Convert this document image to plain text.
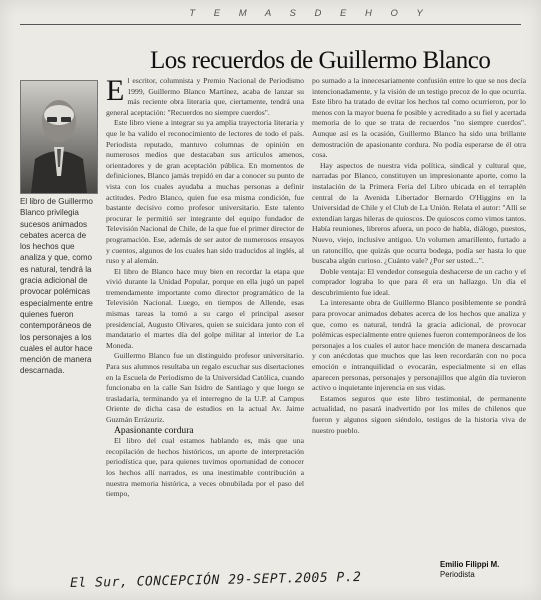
T E M A S D E H O Y
Los recuerdos de Guillermo Blanco
El libro de Guillermo Blanco privilegia sucesos animados cebates acerca de los hechos que analiza y que, como es natural, tendrá la gracia adicional de provocar polémicas especialmente entre quienes fueron contemporáneos de los personajes a los cuales el autor hace mención de manera descarnada.

El escritor, columnista y Premio Nacional de Periodismo 1999, Guillermo Blanco Martínez, acaba de lanzar su más reciente obra literaria que, ciertamente, tendrá una general aceptación: "Recuerdos no siempre cuerdos".

Este libro viene a integrar su ya amplia trayectoria literaria y que le ha valido el reconocimiento de lectores de todo el país. Periodista reputado, mantuvo columnas de opinión en numerosos medios que destacaban sus artículos amenos, orientadores y de gran aceptación pública. En momentos de definiciones, Blanco jamás trepidó en dar a conocer su punto de vista con los cuales ayudaba a muchas personas a definir actitudes. Pedro Blanco, quien fue esa misma condición, fue bastante decisivo como profesor universitario. Este talento procurar le permitió ser integrante del equipo fundador de Televisión Nacional de Chile, de la que fue el primer director de programación. Ese, además de ser autor de numerosos ensayos y cuentos, algunos de los cuales han sido traducidos al inglés, al ruso y al alemán.

El libro de Blanco hace muy bien en recordar la etapa que vivió durante la Unidad Popular, porque en ella jugó un papel tremendamente importante como director programático de la Televisión Nacional. Luego, en tiempos de Allende, esas mismas tareas la tomó a su cargo el principal asesor presidencial, Augusto Olivares, quien se suicidara junto con el mandatario el martes día del golpe militar al interior de La Moneda.

Guillermo Blanco fue un distinguido profesor universitario. Para sus alumnos resultaba un regalo escuchar sus disertaciones en la Escuela de Periodismo de la Universidad Católica, cuando funcionaba en la calle San Isidro de Santiago y que luego se trasladaría, terminando ya el interregno de la U.P. al Campus Oriente de dicha casa de estudios en la actual Av. Jaime Guzmán Errázuriz.

Apasionante cordura

El libro del cual estamos hablando es, más que una recopilación de hechos históricos, un aporte de interpretación periodística que, para quienes tuvimos oportunidad de conocer los hechos allí narrados, es una inestimable contribución a nuestra memoria histórica, a veces obnubilada por el paso del tiempo,

po sumado a la innecesariamente confusión entre lo que se nos decía intencionadamente, y la visión de un testigo precoz de lo que ocurría. Este libro ha tratado de evitar los hechos tal como ocurrieron, por lo menos con la mayor buena fe posible y acreditado a su fiel y acertada memoria de lo que se trata de recuerdos "no siempre cuerdos". Aunque así es la ocasión, Guillermo Blanco ha sido una brillante demostración de apasionante cordura. No podía esperarse de él otra cosa.

Hay aspectos de nuestra vida política, sindical y cultural que, narradas por Blanco, constituyen un impresionante aporte, como la instalación de la Primera Feria del Libro ubicada en el terraplén central de la Avenida Libertador Bernardo O'Higgins en la Universidad de Chile y el Club de La Unión. Relata el autor: "Allí se extendían largas hileras de quioscos. De quioscos como vimos tantos. Había reuniones, libreros afuera, un poco de habla, diálogo, puestos, Nuevo, viejo, inclusive antiguo. Un volumen amarillento, furtado a un ratoncillo, que quizás que ocurra bodega, podía ser hasta lo que buscaba algún curioso. ¿Cuánto vale? ¿Por ser usted...".

Doble ventaja: El vendedor conseguía deshacerse de un cacho y el comprador lograba lo que para él era un hallazgo. Un día el descubrimiento fue ideal.

La interesante obra de Guillermo Blanco posiblemente se pondrá para provocar animados debates acerca de los hechos que analiza y que, como es natural, tendrá la gracia adicional, de provocar polémicas especialmente entre quienes fueron contemporáneos de los personajes a los cuales el autor hace mención de manera descarnada y con anécdotas que muchos que las leen recordarán con no poca emoción e intranquilidad o evocarán, especialmente si en ellas aparecen personas, personajes y personajillos que algún día tuvieron activo o inquietante injerencia en sus vidas.

Estamos seguros que este libro testimonial, de permanente actualidad, no pasará inadvertido por los miles de chilenos que fueron y algunos siguen siéndolo, testigos de la historia viva de nuestro pueblo.

Emilio Filippi M.
Periodista
El Sur, CONCEPCIÓN 29-SEPT.2005 P.2
